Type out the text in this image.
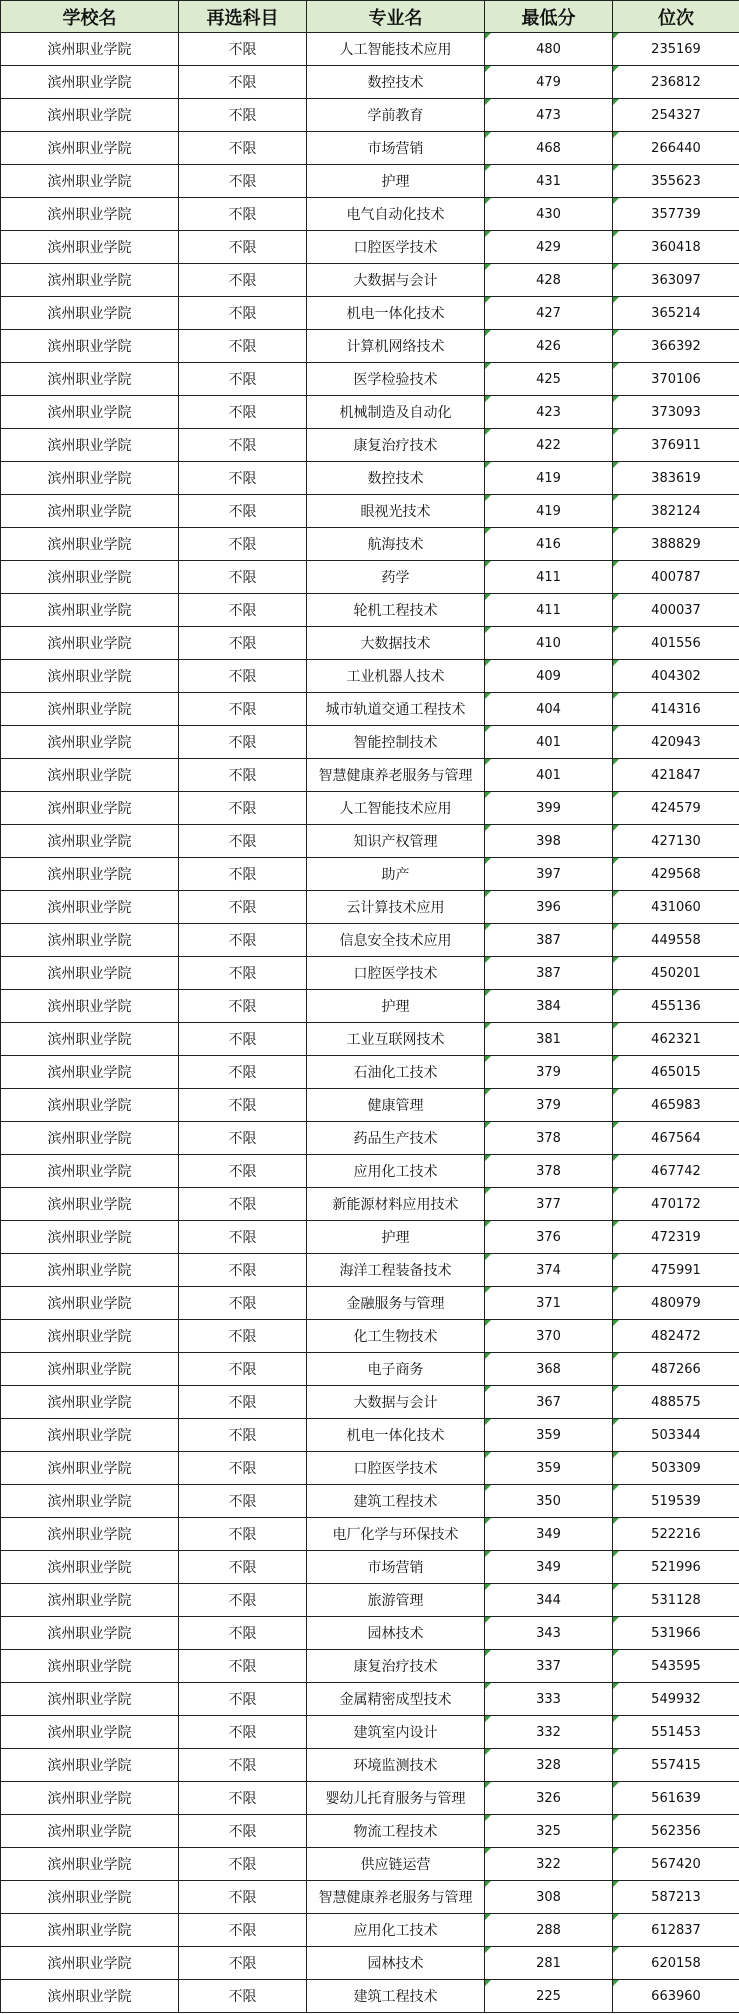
学校名	再选科目	专业名	最低分	位次
滨州职业学院	不限	人工智能技术应用	480	235169
滨州职业学院	不限	数控技术	479	236812
滨州职业学院	不限	学前教育	473	254327
滨州职业学院	不限	市场营销	468	266440
滨州职业学院	不限	护理	431	355623
滨州职业学院	不限	电气自动化技术	430	357739
滨州职业学院	不限	口腔医学技术	429	360418
滨州职业学院	不限	大数据与会计	428	363097
滨州职业学院	不限	机电一体化技术	427	365214
滨州职业学院	不限	计算机网络技术	426	366392
滨州职业学院	不限	医学检验技术	425	370106
滨州职业学院	不限	机械制造及自动化	423	373093
滨州职业学院	不限	康复治疗技术	422	376911
滨州职业学院	不限	数控技术	419	383619
滨州职业学院	不限	眼视光技术	419	382124
滨州职业学院	不限	航海技术	416	388829
滨州职业学院	不限	药学	411	400787
滨州职业学院	不限	轮机工程技术	411	400037
滨州职业学院	不限	大数据技术	410	401556
滨州职业学院	不限	工业机器人技术	409	404302
滨州职业学院	不限	城市轨道交通工程技术	404	414316
滨州职业学院	不限	智能控制技术	401	420943
滨州职业学院	不限	智慧健康养老服务与管理	401	421847
滨州职业学院	不限	人工智能技术应用	399	424579
滨州职业学院	不限	知识产权管理	398	427130
滨州职业学院	不限	助产	397	429568
滨州职业学院	不限	云计算技术应用	396	431060
滨州职业学院	不限	信息安全技术应用	387	449558
滨州职业学院	不限	口腔医学技术	387	450201
滨州职业学院	不限	护理	384	455136
滨州职业学院	不限	工业互联网技术	381	462321
滨州职业学院	不限	石油化工技术	379	465015
滨州职业学院	不限	健康管理	379	465983
滨州职业学院	不限	药品生产技术	378	467564
滨州职业学院	不限	应用化工技术	378	467742
滨州职业学院	不限	新能源材料应用技术	377	470172
滨州职业学院	不限	护理	376	472319
滨州职业学院	不限	海洋工程装备技术	374	475991
滨州职业学院	不限	金融服务与管理	371	480979
滨州职业学院	不限	化工生物技术	370	482472
滨州职业学院	不限	电子商务	368	487266
滨州职业学院	不限	大数据与会计	367	488575
滨州职业学院	不限	机电一体化技术	359	503344
滨州职业学院	不限	口腔医学技术	359	503309
滨州职业学院	不限	建筑工程技术	350	519539
滨州职业学院	不限	电厂化学与环保技术	349	522216
滨州职业学院	不限	市场营销	349	521996
滨州职业学院	不限	旅游管理	344	531128
滨州职业学院	不限	园林技术	343	531966
滨州职业学院	不限	康复治疗技术	337	543595
滨州职业学院	不限	金属精密成型技术	333	549932
滨州职业学院	不限	建筑室内设计	332	551453
滨州职业学院	不限	环境监测技术	328	557415
滨州职业学院	不限	婴幼儿托育服务与管理	326	561639
滨州职业学院	不限	物流工程技术	325	562356
滨州职业学院	不限	供应链运营	322	567420
滨州职业学院	不限	智慧健康养老服务与管理	308	587213
滨州职业学院	不限	应用化工技术	288	612837
滨州职业学院	不限	园林技术	281	620158
滨州职业学院	不限	建筑工程技术	225	663960
